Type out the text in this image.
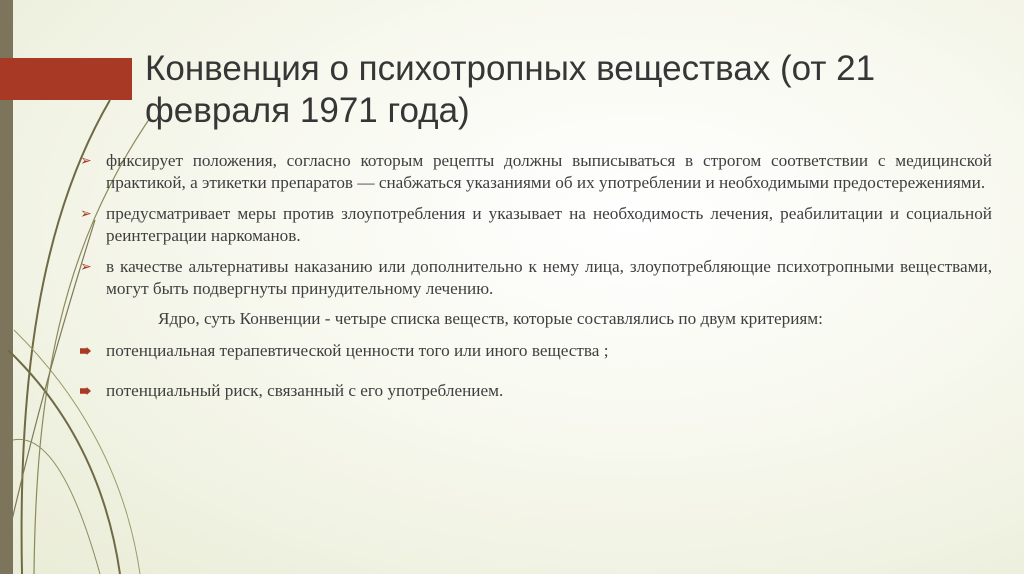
Конвенция о психотропных веществах (от 21 февраля 1971 года)
➢ фиксирует положения, согласно которым рецепты должны выписываться в строгом соответствии с медицинской практикой, а этикетки препаратов — снабжаться указаниями об их употреблении и необходимыми предостережениями.
➢ предусматривает меры против злоупотребления и указывает на необходимость лечения, реабилитации и социальной реинтеграции наркоманов.
➢ в качестве альтернативы наказанию или дополнительно к нему лица, злоупотребляющие психотропными веществами, могут быть подвергнуты принудительному лечению.
Ядро, суть Конвенции - четыре списка веществ, которые составлялись по двум критериям:
потенциальная терапевтической ценности того или иного вещества ;
потенциальный риск, связанный с его употреблением.
